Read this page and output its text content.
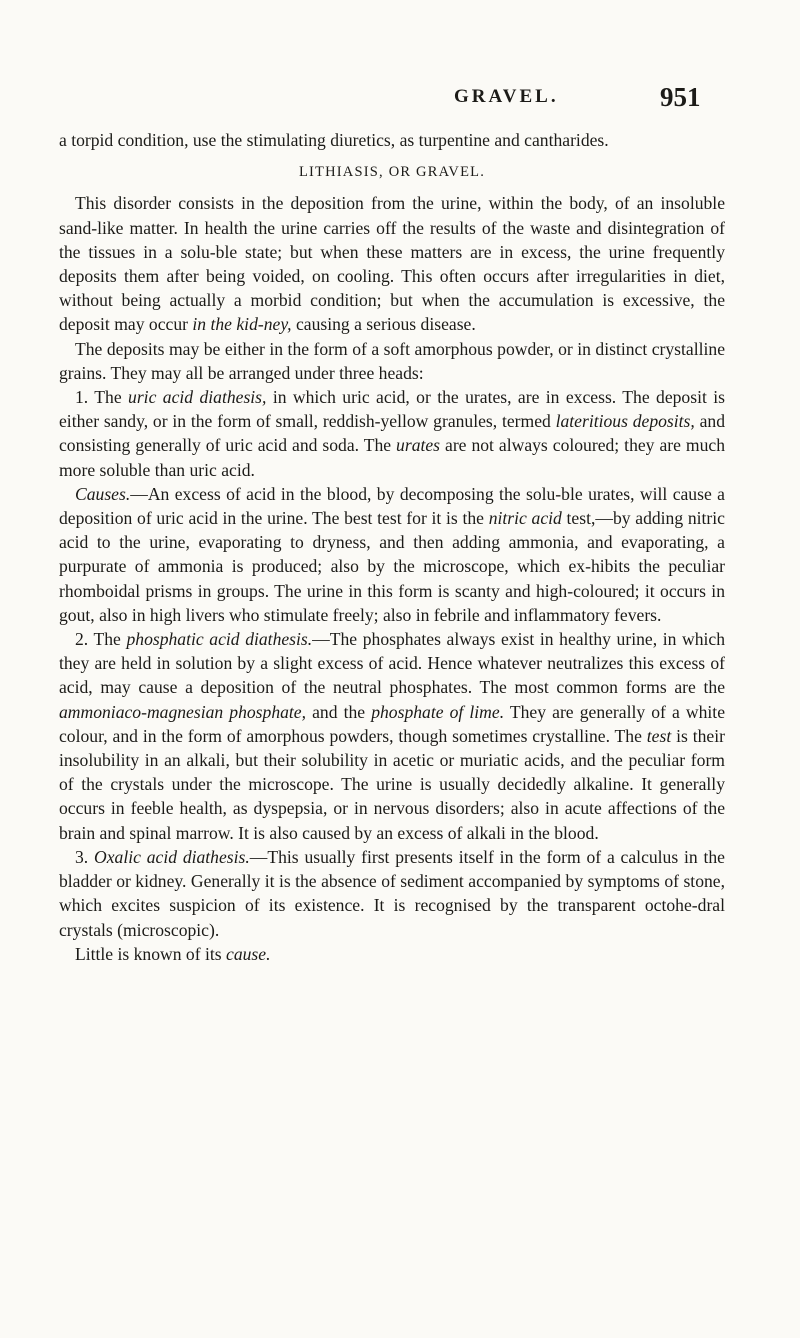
GRAVEL.	951

a torpid condition, use the stimulating diuretics, as turpentine and cantharides.

LITHIASIS, OR GRAVEL.

This disorder consists in the deposition from the urine, within the body, of an insoluble sand-like matter. In health the urine carries off the results of the waste and disintegration of the tissues in a solu-ble state; but when these matters are in excess, the urine frequently deposits them after being voided, on cooling. This often occurs after irregularities in diet, without being actually a morbid condition; but when the accumulation is excessive, the deposit may occur in the kid-ney, causing a serious disease.

The deposits may be either in the form of a soft amorphous powder, or in distinct crystalline grains. They may all be arranged under three heads:

1. The uric acid diathesis, in which uric acid, or the urates, are in excess. The deposit is either sandy, or in the form of small, reddish-yellow granules, termed lateritious deposits, and consisting generally of uric acid and soda. The urates are not always coloured; they are much more soluble than uric acid.

Causes.—An excess of acid in the blood, by decomposing the solu-ble urates, will cause a deposition of uric acid in the urine. The best test for it is the nitric acid test,—by adding nitric acid to the urine, evaporating to dryness, and then adding ammonia, and evaporating, a purpurate of ammonia is produced; also by the microscope, which ex-hibits the peculiar rhomboidal prisms in groups. The urine in this form is scanty and high-coloured; it occurs in gout, also in high livers who stimulate freely; also in febrile and inflammatory fevers.

2. The phosphatic acid diathesis.—The phosphates always exist in healthy urine, in which they are held in solution by a slight excess of acid. Hence whatever neutralizes this excess of acid, may cause a deposition of the neutral phosphates. The most common forms are the ammoniaco-magnesian phosphate, and the phosphate of lime. They are generally of a white colour, and in the form of amorphous powders, though sometimes crystalline. The test is their insolubility in an alkali, but their solubility in acetic or muriatic acids, and the peculiar form of the crystals under the microscope. The urine is usually decidedly alkaline. It generally occurs in feeble health, as dyspepsia, or in nervous disorders; also in acute affections of the brain and spinal marrow. It is also caused by an excess of alkali in the blood.

3. Oxalic acid diathesis.—This usually first presents itself in the form of a calculus in the bladder or kidney. Generally it is the absence of sediment accompanied by symptoms of stone, which excites suspicion of its existence. It is recognised by the transparent octohe-dral crystals (microscopic).

Little is known of its cause.
